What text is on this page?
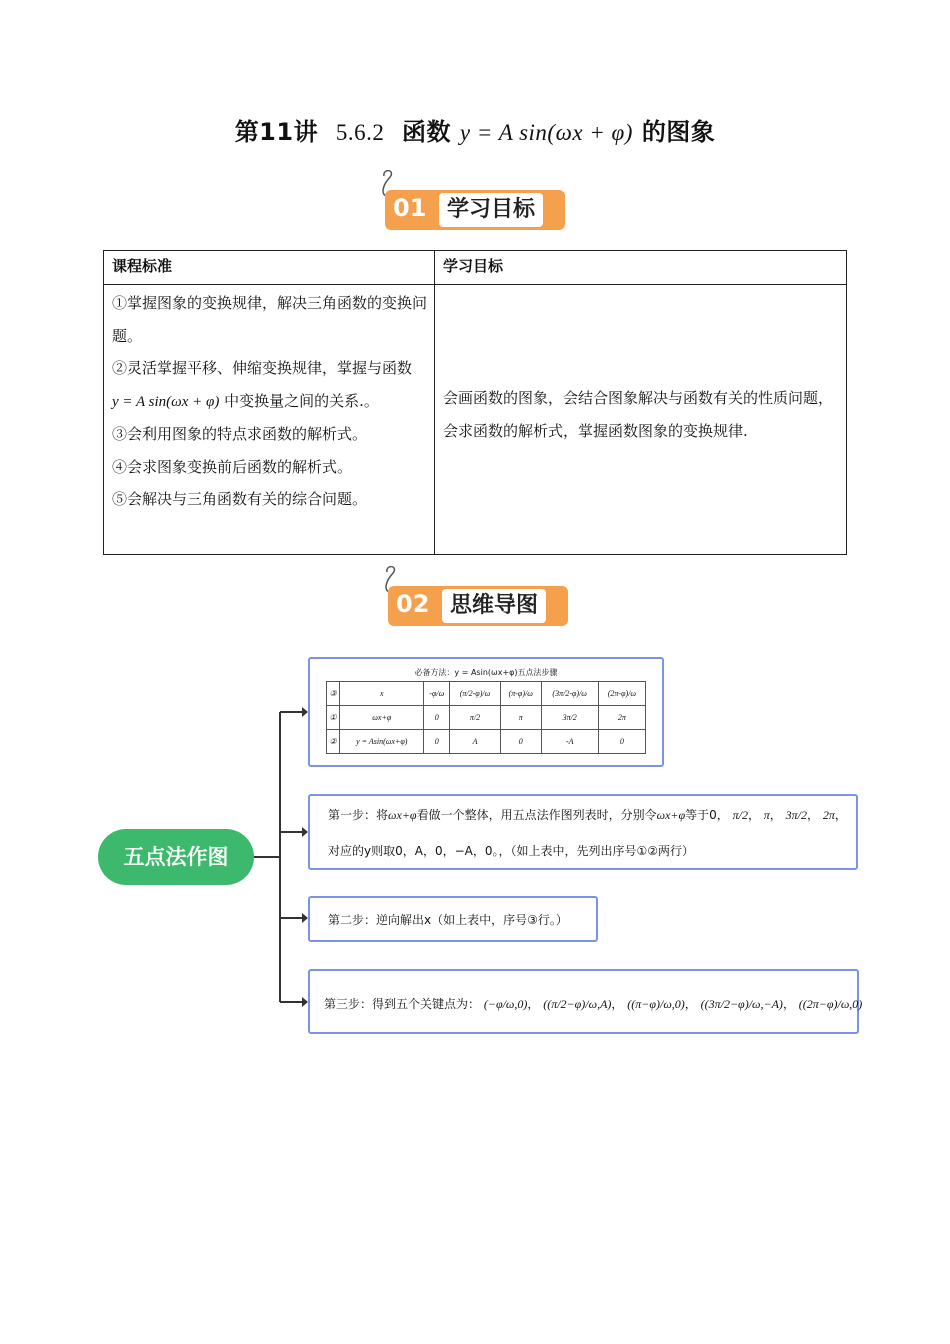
第11讲 5.6.2 函数 y = A sin(ωx + φ) 的图象
01 学习目标
课程标准	学习目标
①掌握图象的变换规律，解决三角函数的变换问题。
②灵活掌握平移、伸缩变换规律，掌握与函数
y = A sin(ωx + φ) 中变换量之间的关系.。
③会利用图象的特点求函数的解析式。
④会求图象变换前后函数的解析式。
⑤会解决与三角函数有关的综合问题。
会画函数的图象，会结合图象解决与函数有关的性质问题，会求函数的解析式，掌握函数图象的变换规律.
02 思维导图
五点法作图
必备方法：y = Asin(ωx+φ)五点法步骤
③	x	-φ/ω	(π/2-φ)/ω	(π-φ)/ω	(3π/2-φ)/ω	(2π-φ)/ω
①	ωx+φ	0	π/2	π	3π/2	2π
②	y = Asin(ωx+φ)	0	A	0	-A	0
第一步：将ωx+φ看做一个整体，用五点法作图列表时，分别令ωx+φ等于0， π/2， π， 3π/2， 2π，
对应的y则取0，A，0，−A，0。，（如上表中，先列出序号①②两行）
第二步：逆向解出x（如上表中，序号③行。）
第三步：得到五个关键点为： (−φ/ω,0)， ((π/2−φ)/ω,A)， ((π−φ)/ω,0)， ((3π/2−φ)/ω,−A)， ((2π−φ)/ω,0)
